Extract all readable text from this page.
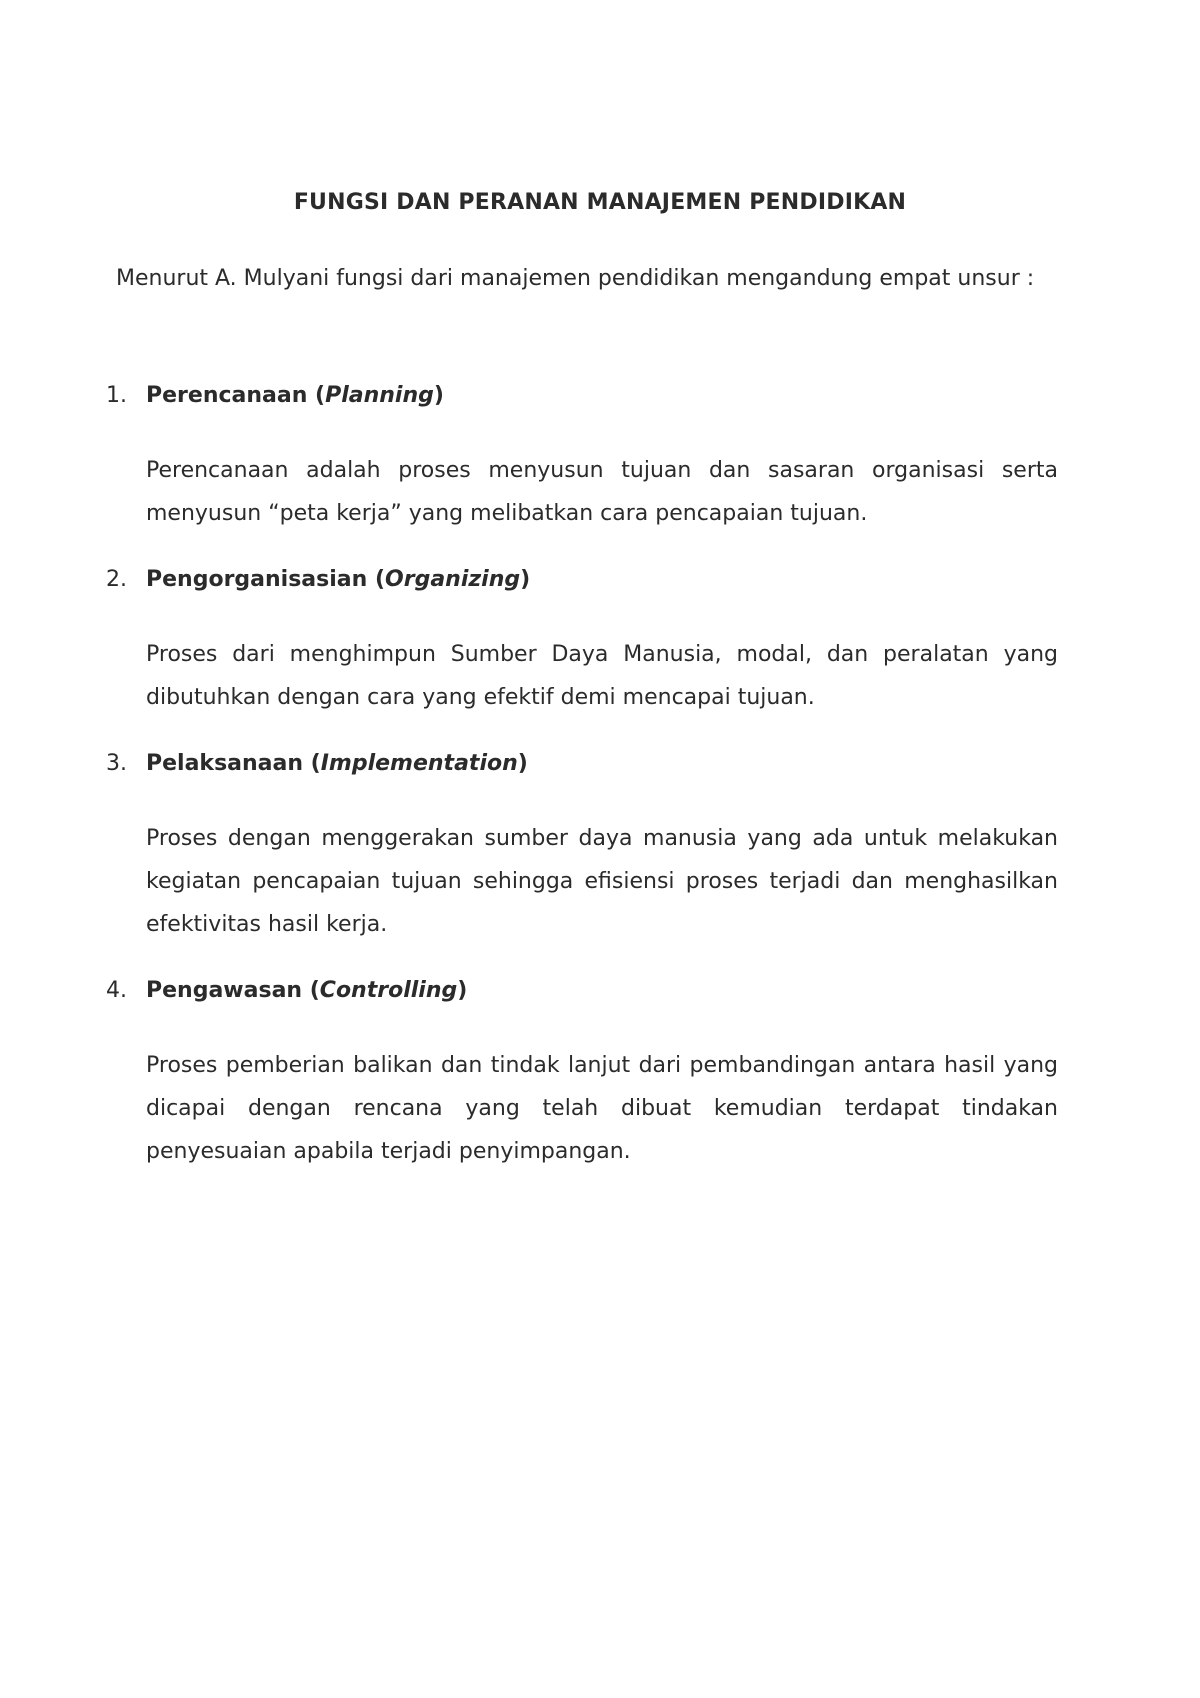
FUNGSI DAN PERANAN MANAJEMEN PENDIDIKAN
Menurut A. Mulyani fungsi dari manajemen pendidikan mengandung empat unsur :
1. Perencanaan (Planning)
Perencanaan adalah proses menyusun tujuan dan sasaran organisasi serta menyusun “peta kerja” yang melibatkan cara pencapaian tujuan.
2. Pengorganisasian (Organizing)
Proses dari menghimpun Sumber Daya Manusia, modal, dan peralatan yang dibutuhkan dengan cara yang efektif demi mencapai tujuan.
3. Pelaksanaan (Implementation)
Proses dengan menggerakan sumber daya manusia yang ada untuk melakukan kegiatan pencapaian tujuan sehingga efisiensi proses terjadi dan menghasilkan efektivitas hasil kerja.
4. Pengawasan (Controlling)
Proses pemberian balikan dan tindak lanjut dari pembandingan antara hasil yang dicapai dengan rencana yang telah dibuat kemudian terdapat tindakan penyesuaian apabila terjadi penyimpangan.
